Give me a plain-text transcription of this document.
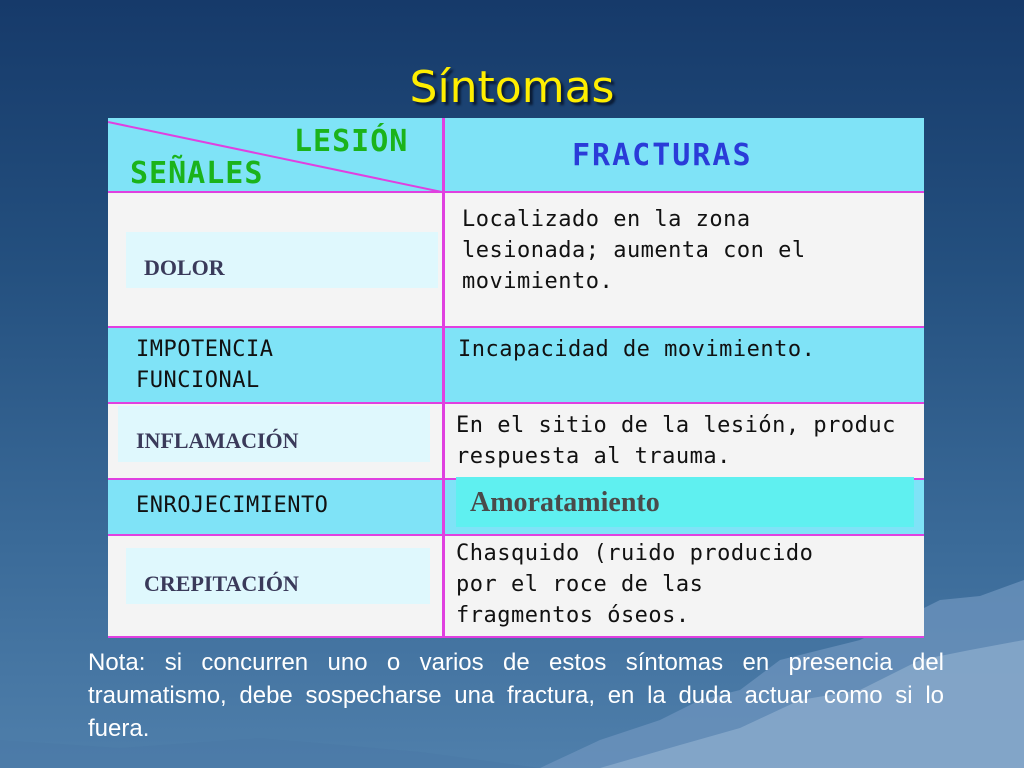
Síntomas
LESIÓN
SEÑALES
FRACTURAS
DOLOR
Localizado en la zona
lesionada; aumenta con el
movimiento.
IMPOTENCIA
FUNCIONAL
Incapacidad de movimiento.
INFLAMACIÓN
En el sitio de la lesión, produc
respuesta al trauma.
ENROJECIMIENTO
CREPITACIÓN
Chasquido (ruido producido
por el roce de las
fragmentos óseos.
Amoratamiento
Nota: si concurren uno o varios de estos síntomas en presencia del traumatismo, debe sospecharse una fractura, en la duda actuar como si lo fuera.
